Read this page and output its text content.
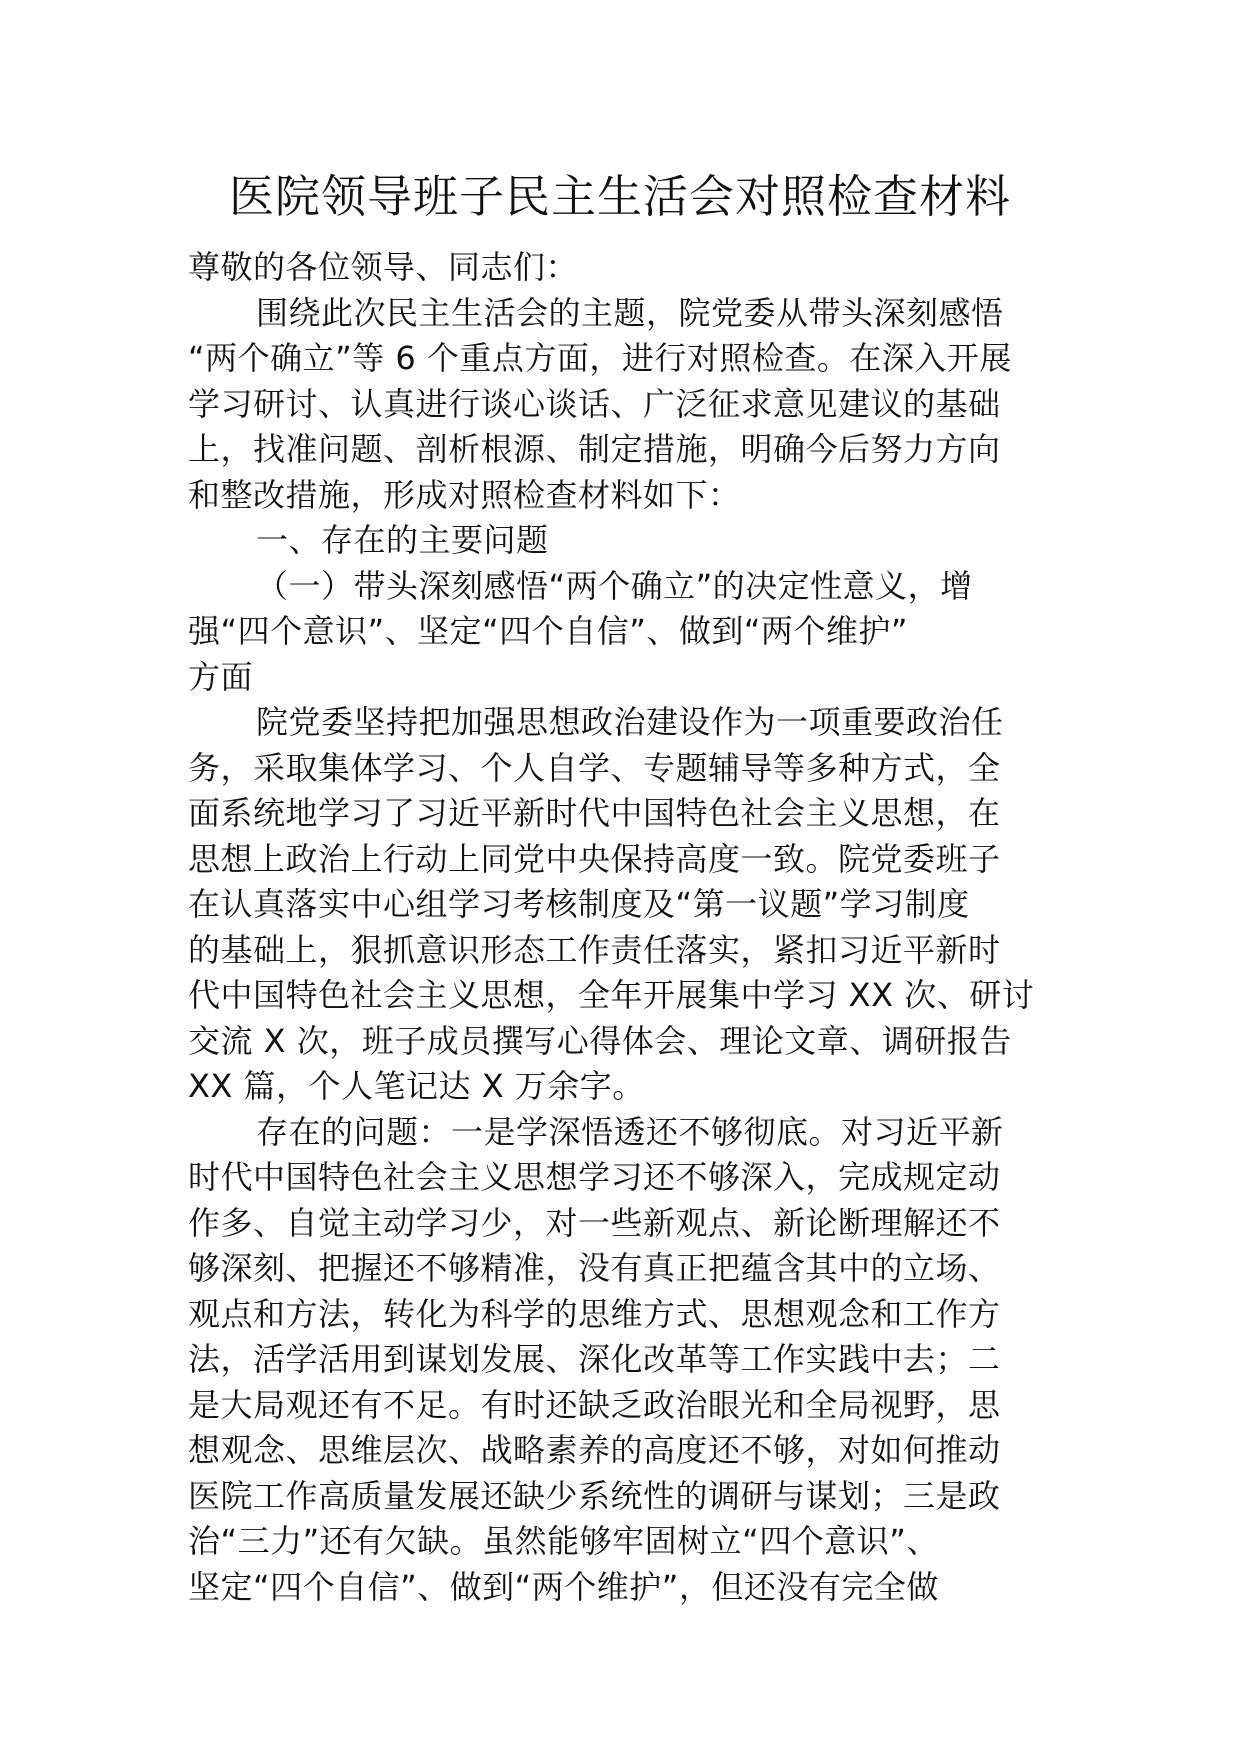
医院领导班子民主生活会对照检查材料
尊敬的各位领导、同志们：
围绕此次民主生活会的主题，院党委从带头深刻感悟
“两个确立”等 6 个重点方面，进行对照检查。在深入开展
学习研讨、认真进行谈心谈话、广泛征求意见建议的基础
上，找准问题、剖析根源、制定措施，明确今后努力方向
和整改措施，形成对照检查材料如下：
一、存在的主要问题
（一）带头深刻感悟“两个确立”的决定性意义，增
强“四个意识”、坚定“四个自信”、做到“两个维护”
方面
院党委坚持把加强思想政治建设作为一项重要政治任
务，采取集体学习、个人自学、专题辅导等多种方式，全
面系统地学习了习近平新时代中国特色社会主义思想，在
思想上政治上行动上同党中央保持高度一致。院党委班子
在认真落实中心组学习考核制度及“第一议题”学习制度
的基础上，狠抓意识形态工作责任落实，紧扣习近平新时
代中国特色社会主义思想，全年开展集中学习 XX 次、研讨
交流 X 次，班子成员撰写心得体会、理论文章、调研报告
XX 篇，个人笔记达 X 万余字。
存在的问题：一是学深悟透还不够彻底。对习近平新
时代中国特色社会主义思想学习还不够深入，完成规定动
作多、自觉主动学习少，对一些新观点、新论断理解还不
够深刻、把握还不够精准，没有真正把蕴含其中的立场、
观点和方法，转化为科学的思维方式、思想观念和工作方
法，活学活用到谋划发展、深化改革等工作实践中去；二
是大局观还有不足。有时还缺乏政治眼光和全局视野，思
想观念、思维层次、战略素养的高度还不够，对如何推动
医院工作高质量发展还缺少系统性的调研与谋划；三是政
治“三力”还有欠缺。虽然能够牢固树立“四个意识”、
坚定“四个自信”、做到“两个维护”，但还没有完全做
